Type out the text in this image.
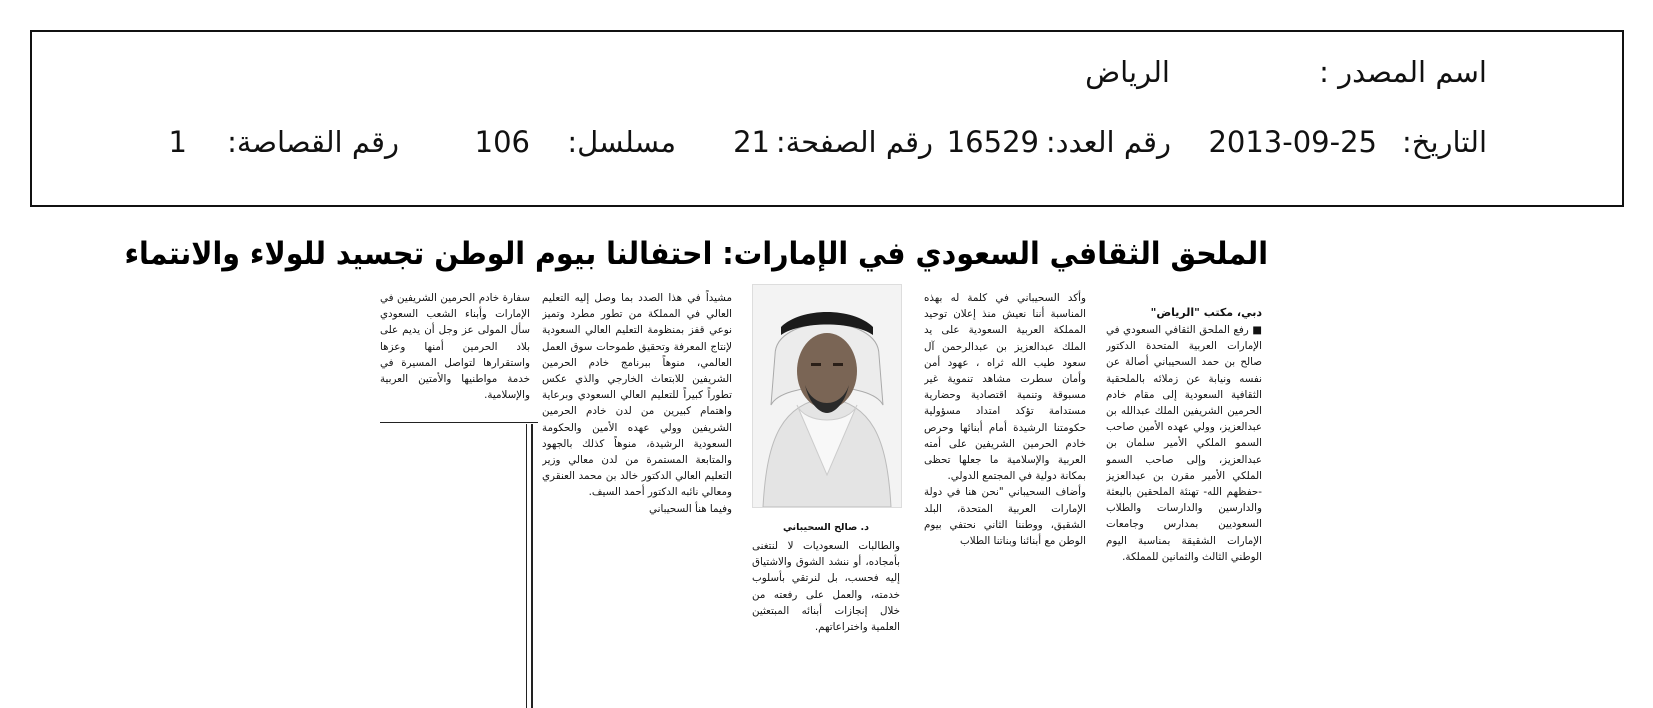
اسم المصدر :
الرياض
التاريخ:
2013-09-25
رقم العدد:
16529
رقم الصفحة:
21
مسلسل:
106
رقم القصاصة:
1
الملحق الثقافي السعودي في الإمارات: احتفالنا بيوم الوطن تجسيد للولاء والانتماء
دبي، مكتب "الرياض"
■ رفع الملحق الثقافي السعودي في الإمارات العربية المتحدة الدكتور صالح بن حمد السحيباني أصالة عن نفسه ونيابة عن زملائه بالملحقية الثقافية السعودية إلى مقام خادم الحرمين الشريفين الملك عبدالله بن عبدالعزيز، وولي عهده الأمين صاحب السمو الملكي الأمير سلمان بن عبدالعزيز، وإلى صاحب السمو الملكي الأمير مقرن بن عبدالعزيز -حفظهم الله- تهنئة الملحقين بالبعثة والدارسين والدارسات والطلاب السعوديين بمدارس وجامعات الإمارات الشقيقة بمناسبة اليوم الوطني الثالث والثمانين للمملكة.
وأكد السحيباني في كلمة له بهذه المناسبة أننا نعيش منذ إعلان توحيد المملكة العربية السعودية على يد الملك عبدالعزيز بن عبدالرحمن آل سعود طيب الله ثراه ، عهود أمن وأمان سطرت مشاهد تنموية غير مسبوقة وتنمية اقتصادية وحضارية مستدامة تؤكد امتداد مسؤولية حكومتنا الرشيدة أمام أبنائها وحرص خادم الحرمين الشريفين على أمته العربية والإسلامية ما جعلها تحظى بمكانة دولية في المجتمع الدولي.
وأضاف السحيباني "نحن هنا في دولة الإمارات العربية المتحدة، البلد الشقيق، ووطننا الثاني نحتفي بيوم الوطن مع أبنائنا وبناتنا الطلاب
د. صالح السحيباني
والطالبات السعوديات لا لنتغنى بأمجاده، أو ننشد الشوق والاشتياق إليه فحسب، بل لنرتقي بأسلوب خدمته، والعمل على رفعته من خلال إنجازات أبنائه المبتعثين العلمية واختراعاتهم.
مشيداً في هذا الصدد بما وصل إليه التعليم العالي في المملكة من تطور مطرد وتميز نوعي قفز بمنظومة التعليم العالي السعودية لإنتاج المعرفة وتحقيق طموحات سوق العمل العالمي، منوهاً ببرنامج خادم الحرمين الشريفين للابتعاث الخارجي والذي عكس تطوراً كبيراً للتعليم العالي السعودي وبرعاية واهتمام كبيرين من لدن خادم الحرمين الشريفين وولي عهده الأمين والحكومة السعودية الرشيدة، منوهاً كذلك بالجهود والمتابعة المستمرة من لدن معالي وزير التعليم العالي الدكتور خالد بن محمد العنقري ومعالي نائبه الدكتور أحمد السيف.
وفيما هنأ السحيباني
سفارة خادم الحرمين الشريفين في الإمارات وأبناء الشعب السعودي سأل المولى عز وجل أن يديم على بلاد الحرمين أمنها وعزها واستقرارها لتواصل المسيرة في خدمة مواطنيها والأمتين العربية والإسلامية.
